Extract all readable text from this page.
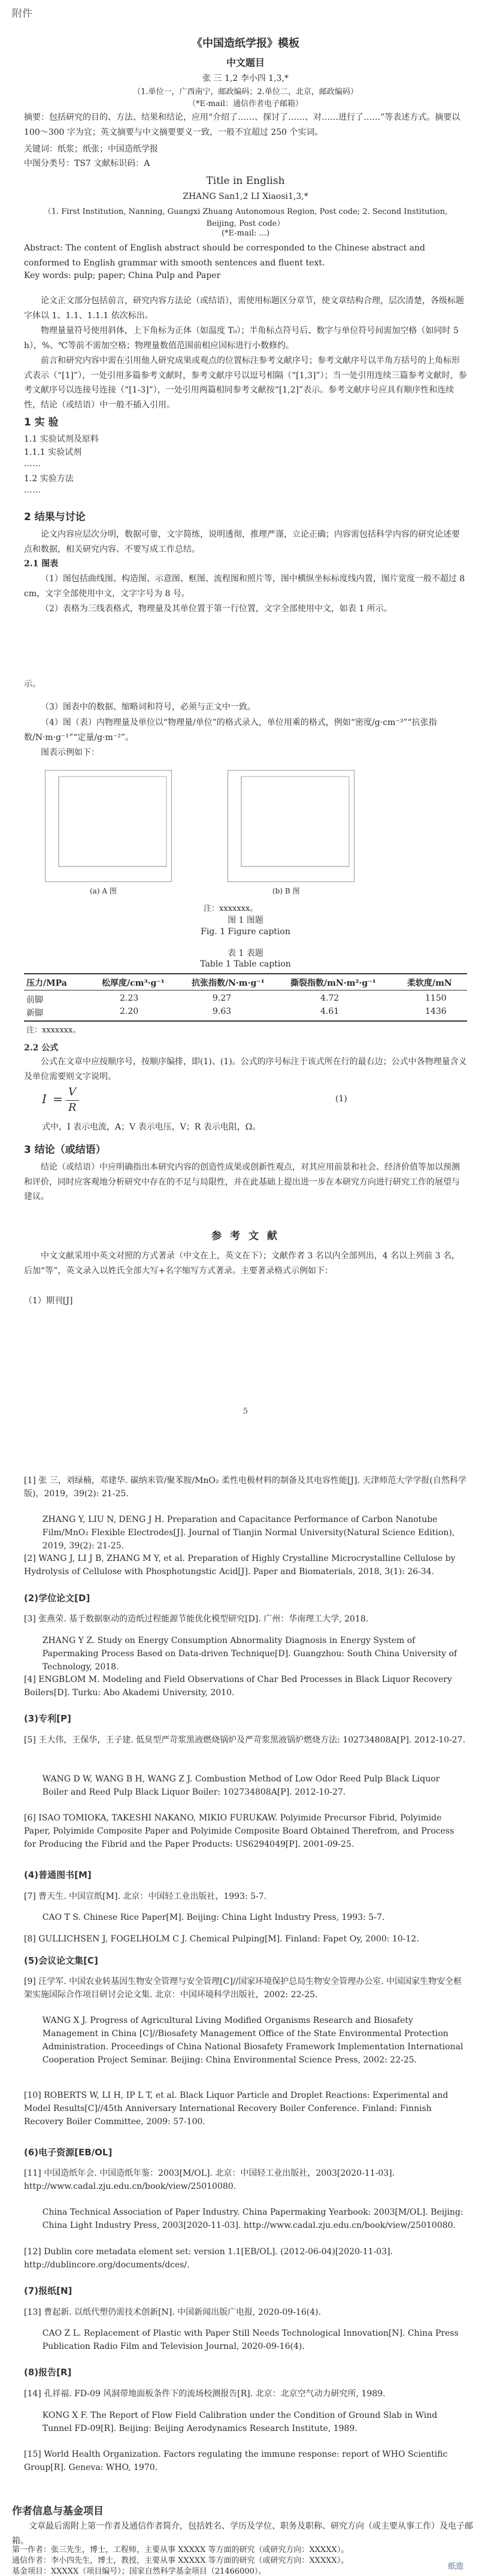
附件
《中国造纸学报》模板
中文题目
张 三 1,2 李小四 1,3,*
（1.单位一，广西南宁，邮政编码；2.单位二，北京，邮政编码）
（*E-mail：通信作者电子邮箱）
摘要：包括研究的目的、方法、结果和结论，应用“介绍了……、探讨了……、对……进行了……”等表述方式。摘要以100～300 字为宜；英文摘要与中文摘要要义一致，一般不宜超过 250 个实词。
关键词：纸浆；纸张；中国造纸学报
中图分类号：TS7 文献标识码：A
Title in English
ZHANG San1,2 LI Xiaosi1,3,*
（1. First Institution, Nanning, Guangxi Zhuang Autonomous Region, Post code; 2. Second Institution,
Beijing, Post code）
(*E-mail: ...)
Abstract: The content of English abstract should be corresponded to the Chinese abstract and conformed to English grammar with smooth sentences and fluent text.
Key words: pulp; paper; China Pulp and Paper
论文正文部分包括前言，研究内容方法论（或结语），需使用标题区分章节，使文章结构合理，层次清楚，各级标题字体以 1、1.1、1.1.1 依次标出。
物理量量符号使用斜体，上下角标为正体（如温度 T₀）；半角标点符号后、数字与单位符号间需加空格（如同时 5 h），%、℃等前不需加空格；物理量数值范围前相应国标进行小数修约。
前言和研究内容中需在引用他人研究成果或观点的位置标注参考文献序号；参考文献序号以半角方括号的上角标形式表示（“[1]”），一处引用多篇参考文献时，参考文献序号以逗号相隔（“[1,3]”）；当一处引用连续三篇参考文献时，参考文献序号以连接号连接（“[1-3]”），一处引用两篇相同参考文献按“[1,2]”表示。参考文献序号应具有顺序性和连续性，结论（或结语）中一般不插入引用。
1 实 验
1.1 实验试剂及原料
1.1.1 实验试剂
……
1.2 实验方法
……
2 结果与讨论
论文内容应层次分明，数据可靠，文字简练，说明透彻，推理严谨，立论正确；内容需包括科学内容的研究论述要点和数据，相关研究内容、不要写成工作总结。
2.1 图表
（1）图包括曲线图、构造图、示意图、框图、流程图和照片等，图中横纵坐标标度线内置，图片宽度一般不超过 8 cm，文字全部使用中文，文字字号为 8 号。
（2）表格为三线表格式，物理量及其单位置于第一行位置，文字全部使用中文，如表 1 所示。
示。
（3）图表中的数据、缩略词和符号，必须与正文中一致。
（4）图（表）内物理量及单位以“物理量/单位”的格式录入，单位用乘的格式，例如“密度/g·cm⁻³”“抗张指数/N·m·g⁻¹”“定量/g·m⁻²”。
图表示例如下：
(a) A 图	(b) B 图
注：xxxxxxx。
图 1 图题
Fig. 1 Figure caption
表 1 表题
Table 1 Table caption
压力/MPa	松厚度/cm³·g⁻¹	抗张指数/N·m·g⁻¹	撕裂指数/mN·m²·g⁻¹	柔软度/mN
前脚	2.23	9.27	4.72	1150
新脚	2.20	9.63	4.61	1436
注：xxxxxxx。
2.2 公式
公式在文章中应按顺序号，按顺序编排，即(1)、(1)。公式的序号标注于该式所在行的最右边；公式中各物理量含义及单位需要则文字说明。
I = V
R
(1)
式中，I 表示电流，A；V 表示电压，V；R 表示电阻，Ω。
3 结论（或结语）
结论（或结语）中应明确指出本研究内容的创造性成果或创新性观点，对其应用前景和社会、经济价值等加以预测和评价，同时应客观地分析研究中存在的不足与局限性，并在此基础上提出进一步在本研究方向进行研究工作的展望与建议。
参 考 文 献
中文文献采用中英文对照的方式著录（中文在上，英文在下）；文献作者 3 名以内全部列出，4 名以上列前 3 名，后加“等”，英文录入以姓氏全部大写+名字缩写方式著录。主要著录格式示例如下：
（1）期刊[J]
5
[1] 张 三，刘绿楠，邓建华. 碳纳米管/聚苯胺/MnO₂ 柔性电极材料的制备及其电容性能[J]. 天津师范大学学报(自然科学版)，2019，39(2): 21-25.
ZHANG Y, LIU N, DENG J H. Preparation and Capacitance Performance of Carbon Nanotube Film/MnO₂ Flexible Electrodes[J]. Journal of Tianjin Normal University(Natural Science Edition), 2019, 39(2): 21-25.
[2] WANG J, LI J B, ZHANG M Y, et al. Preparation of Highly Crystalline Microcrystalline Cellulose by Hydrolysis of Cellulose with Phosphotungstic Acid[J]. Paper and Biomaterials, 2018, 3(1): 26-34.
(2)学位论文[D]
[3] 张燕荣. 基于数据驱动的造纸过程能源节能优化模型研究[D]. 广州：华南理工大学, 2018.
ZHANG Y Z. Study on Energy Consumption Abnormality Diagnosis in Energy System of Papermaking Process Based on Data-driven Technique[D]. Guangzhou: South China University of Technology, 2018.
[4] ENGBLOM M. Modeling and Field Observations of Char Bed Processes in Black Liquor Recovery Boilers[D]. Turku: Abo Akademi University, 2010.
(3)专利[P]
[5] 王大伟，王保华，王子建. 低臭型严苛浆黑液燃烧锅炉及严苛浆黑液锅炉燃烧方法: 102734808A[P]. 2012-10-27.
WANG D W, WANG B H, WANG Z J. Combustion Method of Low Odor Reed Pulp Black Liquor Boiler and Reed Pulp Black Liquor Boiler: 102734808A[P]. 2012-10-27.
[6] ISAO TOMIOKA, TAKESHI NAKANO, MIKIO FURUKAW. Polyimide Precursor Fibrid, Polyimide Paper, Polyimide Composite Paper and Polyimide Composite Board Obtained Therefrom, and Process for Producing the Fibrid and the Paper Products: US6294049[P]. 2001-09-25.
(4)普通图书[M]
[7] 曹天生. 中国宣纸[M]. 北京：中国轻工业出版社，1993: 5-7.
CAO T S. Chinese Rice Paper[M]. Beijing: China Light Industry Press, 1993: 5-7.
[8] GULLICHSEN J, FOGELHOLM C J. Chemical Pulping[M]. Finland: Fapet Oy, 2000: 10-12.
(5)会议论文集[C]
[9] 汪学军. 中国农业转基因生物安全管理与安全管理[C]//国家环境保护总局生物安全管理办公室. 中国国家生物安全框架实施国际合作项目研讨会论文集. 北京：中国环境科学出版社，2002: 22-25.
WANG X J. Progress of Agricultural Living Modified Organisms Research and Biosafety Management in China [C]//Biosafety Management Office of the State Environmental Protection Administration. Proceedings of China National Biosafety Framework Implementation International Cooperation Project Seminar. Beijing: China Environmental Science Press, 2002: 22-25.
[10] ROBERTS W, LI H, IP L T, et al. Black Liquor Particle and Droplet Reactions: Experimental and Model Results[C]//45th Anniversary International Recovery Boiler Conference. Finland: Finnish Recovery Boiler Committee, 2009: 57-100.
(6)电子资源[EB/OL]
[11] 中国造纸年会. 中国造纸年鉴：2003[M/OL]. 北京：中国轻工业出版社，2003[2020-11-03]. http://www.cadal.zju.edu.cn/book/view/25010080.
China Technical Association of Paper Industry. China Papermaking Yearbook: 2003[M/OL]. Beijing: China Light Industry Press, 2003[2020-11-03]. http://www.cadal.zju.edu.cn/book/view/25010080.
[12] Dublin core metadata element set: version 1.1[EB/OL]. (2012-06-04)[2020-11-03]. http://dublincore.org/documents/dces/.
(7)报纸[N]
[13] 曹起新. 以纸代塑仍需技术创新[N]. 中国新闻出版广电报, 2020-09-16(4).
CAO Z L. Replacement of Plastic with Paper Still Needs Technological Innovation[N]. China Press Publication Radio Film and Television Journal, 2020-09-16(4).
(8)报告[R]
[14] 孔祥福. FD-09 风洞带地面板条件下的流场校测报告[R]. 北京：北京空气动力研究所, 1989.
KONG X F. The Report of Flow Field Calibration under the Condition of Ground Slab in Wind Tunnel FD-09[R]. Beijing: Beijing Aerodynamics Research Institute, 1989.
[15] World Health Organization. Factors regulating the immune response: report of WHO Scientific Group[R]. Geneva: WHO, 1970.
作者信息与基金项目
文章最后需附上第一作者及通信作者简介，包括姓名、学历及学位、职务及职称、研究方向（或主要从事工作）及电子邮箱。
第一作者：张三先生，博士，工程师，主要从事 XXXXX 等方面的研究（或研究方向：XXXXX）。
通信作者：李小四先生，博士，教授，主要从事 XXXXX 等方面的研究（或研究方向：XXXXX）。
基金项目：XXXXX（项目编号）；国家自然科学基金项目（21466000）。
纸造
